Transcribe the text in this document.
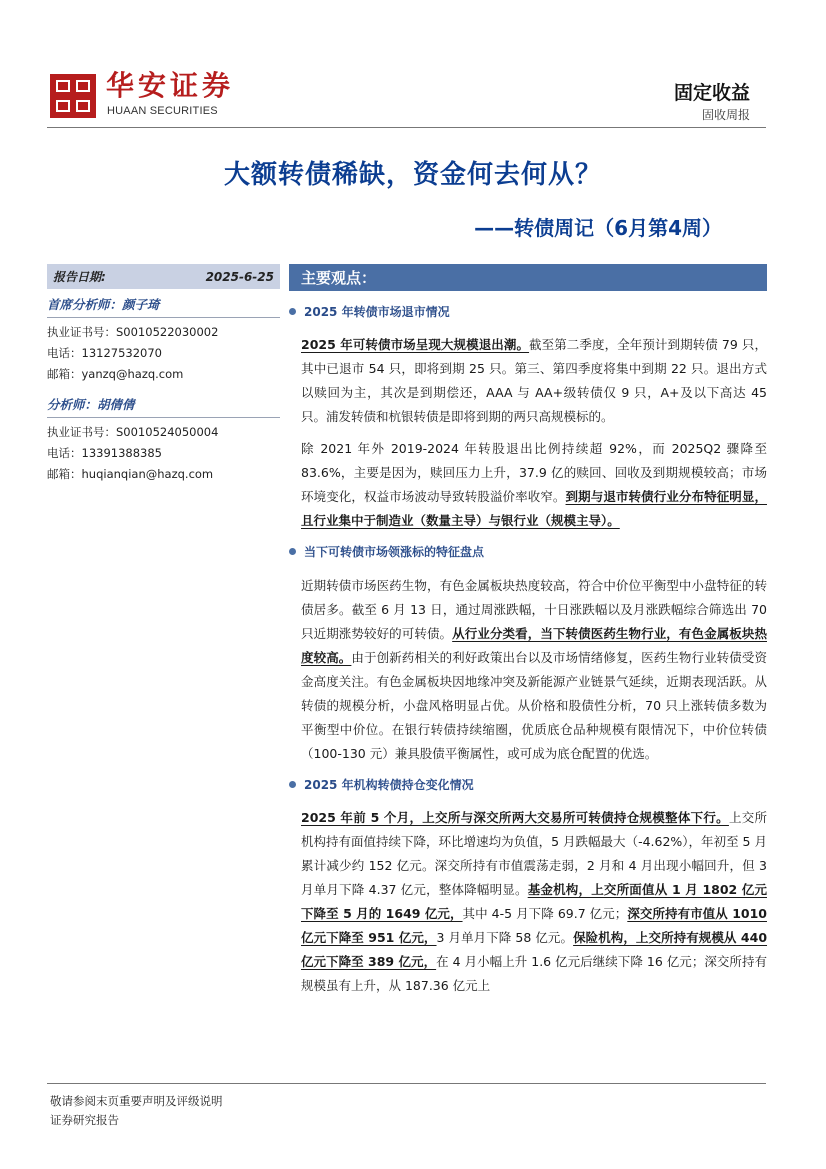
华安证券
HUAAN SECURITIES
固定收益
固收周报
大额转债稀缺，资金何去何从？
——转债周记（6月第4周）
报告日期:	2025-6-25
首席分析师：颜子琦
执业证书号：S0010522030002
电话：13127532070
邮箱：yanzq@hazq.com
分析师：胡倩倩
执业证书号：S0010524050004
电话：13391388385
邮箱：huqianqian@hazq.com
主要观点：
2025 年转债市场退市情况
2025 年可转债市场呈现大规模退出潮。截至第二季度，全年预计到期转债 79 只，其中已退市 54 只，即将到期 25 只。第三、第四季度将集中到期 22 只。退出方式以赎回为主，其次是到期偿还，AAA 与 AA+级转债仅 9 只，A+及以下高达 45 只。浦发转债和杭银转债是即将到期的两只高规模标的。
除 2021 年外 2019-2024 年转股退出比例持续超 92%，而 2025Q2 骤降至 83.6%，主要是因为，赎回压力上升，37.9 亿的赎回、回收及到期规模较高；市场环境变化，权益市场波动导致转股溢价率收窄。到期与退市转债行业分布特征明显，且行业集中于制造业（数量主导）与银行业（规模主导）。
当下可转债市场领涨标的特征盘点
近期转债市场医药生物，有色金属板块热度较高，符合中价位平衡型中小盘特征的转债居多。截至 6 月 13 日，通过周涨跌幅，十日涨跌幅以及月涨跌幅综合筛选出 70 只近期涨势较好的可转债。从行业分类看，当下转债医药生物行业，有色金属板块热度较高。由于创新药相关的利好政策出台以及市场情绪修复，医药生物行业转债受资金高度关注。有色金属板块因地缘冲突及新能源产业链景气延续，近期表现活跃。从转债的规模分析，小盘风格明显占优。从价格和股债性分析，70 只上涨转债多数为平衡型中价位。在银行转债持续缩圈，优质底仓品种规模有限情况下，中价位转债（100-130 元）兼具股债平衡属性，或可成为底仓配置的优选。
2025 年机构转债持仓变化情况
2025 年前 5 个月，上交所与深交所两大交易所可转债持仓规模整体下行。上交所机构持有面值持续下降，环比增速均为负值，5 月跌幅最大（-4.62%），年初至 5 月累计减少约 152 亿元。深交所持有市值震荡走弱，2 月和 4 月出现小幅回升，但 3 月单月下降 4.37 亿元，整体降幅明显。基金机构，上交所面值从 1 月 1802 亿元下降至 5 月的 1649 亿元，其中 4-5 月下降 69.7 亿元；深交所持有市值从 1010 亿元下降至 951 亿元，3 月单月下降 58 亿元。保险机构，上交所持有规模从 440 亿元下降至 389 亿元，在 4 月小幅上升 1.6 亿元后继续下降 16 亿元；深交所持有规模虽有上升，从 187.36 亿元上
敬请参阅末页重要声明及评级说明
证券研究报告
